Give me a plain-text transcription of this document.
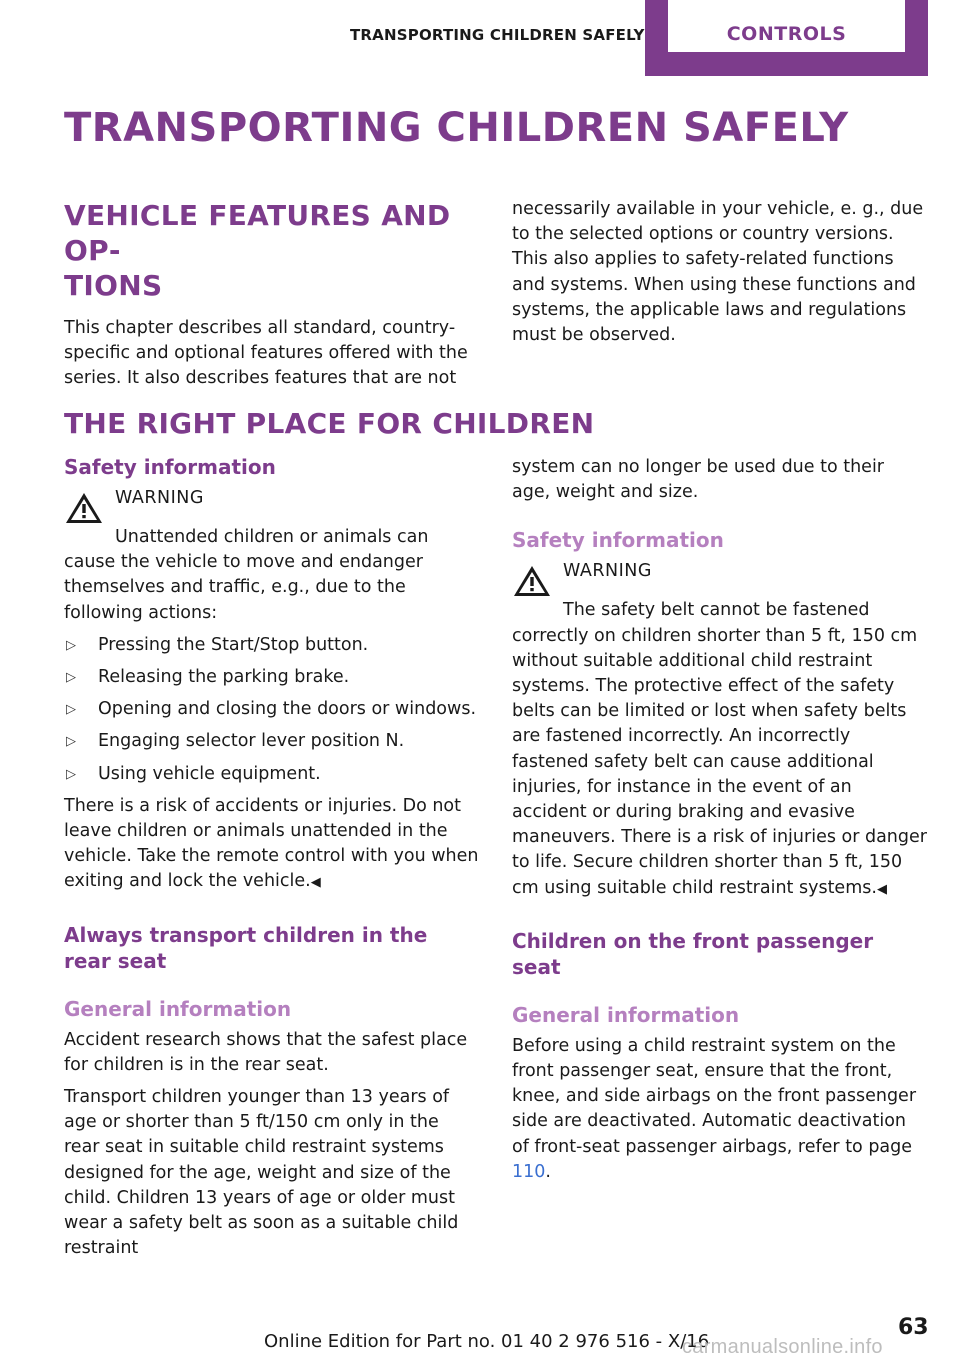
TRANSPORTING CHILDREN SAFELY	CONTROLS
TRANSPORTING CHILDREN SAFELY
VEHICLE FEATURES AND OP‐
TIONS

This chapter describes all standard, country-specific and optional features offered with the series. It also describes features that are not

necessarily available in your vehicle, e. g., due to the selected options or country versions. This also applies to safety-related functions and systems. When using these functions and systems, the applicable laws and regulations must be observed.

THE RIGHT PLACE FOR CHILDREN
Safety information

WARNING

Unattended children or animals can cause the vehicle to move and endanger themselves and traffic, e.g., due to the following actions:

▷ Pressing the Start/Stop button.
▷ Releasing the parking brake.
▷ Opening and closing the doors or windows.
▷ Engaging selector lever position N.
▷ Using vehicle equipment.

There is a risk of accidents or injuries. Do not leave children or animals unattended in the vehicle. Take the remote control with you when exiting and lock the vehicle.◀

Always transport children in the rear seat
General information

Accident research shows that the safest place for children is in the rear seat.

Transport children younger than 13 years of age or shorter than 5 ft/150 cm only in the rear seat in suitable child restraint systems designed for the age, weight and size of the child. Children 13 years of age or older must wear a safety belt as soon as a suitable child restraint

system can no longer be used due to their age, weight and size.

Safety information

WARNING

The safety belt cannot be fastened correctly on children shorter than 5 ft, 150 cm without suitable additional child restraint systems. The protective effect of the safety belts can be limited or lost when safety belts are fastened incorrectly. An incorrectly fastened safety belt can cause additional injuries, for instance in the event of an accident or during braking and evasive maneuvers. There is a risk of injuries or danger to life. Secure children shorter than 5 ft, 150 cm using suitable child restraint systems.◀

Children on the front passenger seat
General information

Before using a child restraint system on the front passenger seat, ensure that the front, knee, and side airbags on the front passenger side are deactivated. Automatic deactivation of front-seat passenger airbags, refer to page 110.

Online Edition for Part no. 01 40 2 976 516 - X/16
63
carmanualsonline.info
